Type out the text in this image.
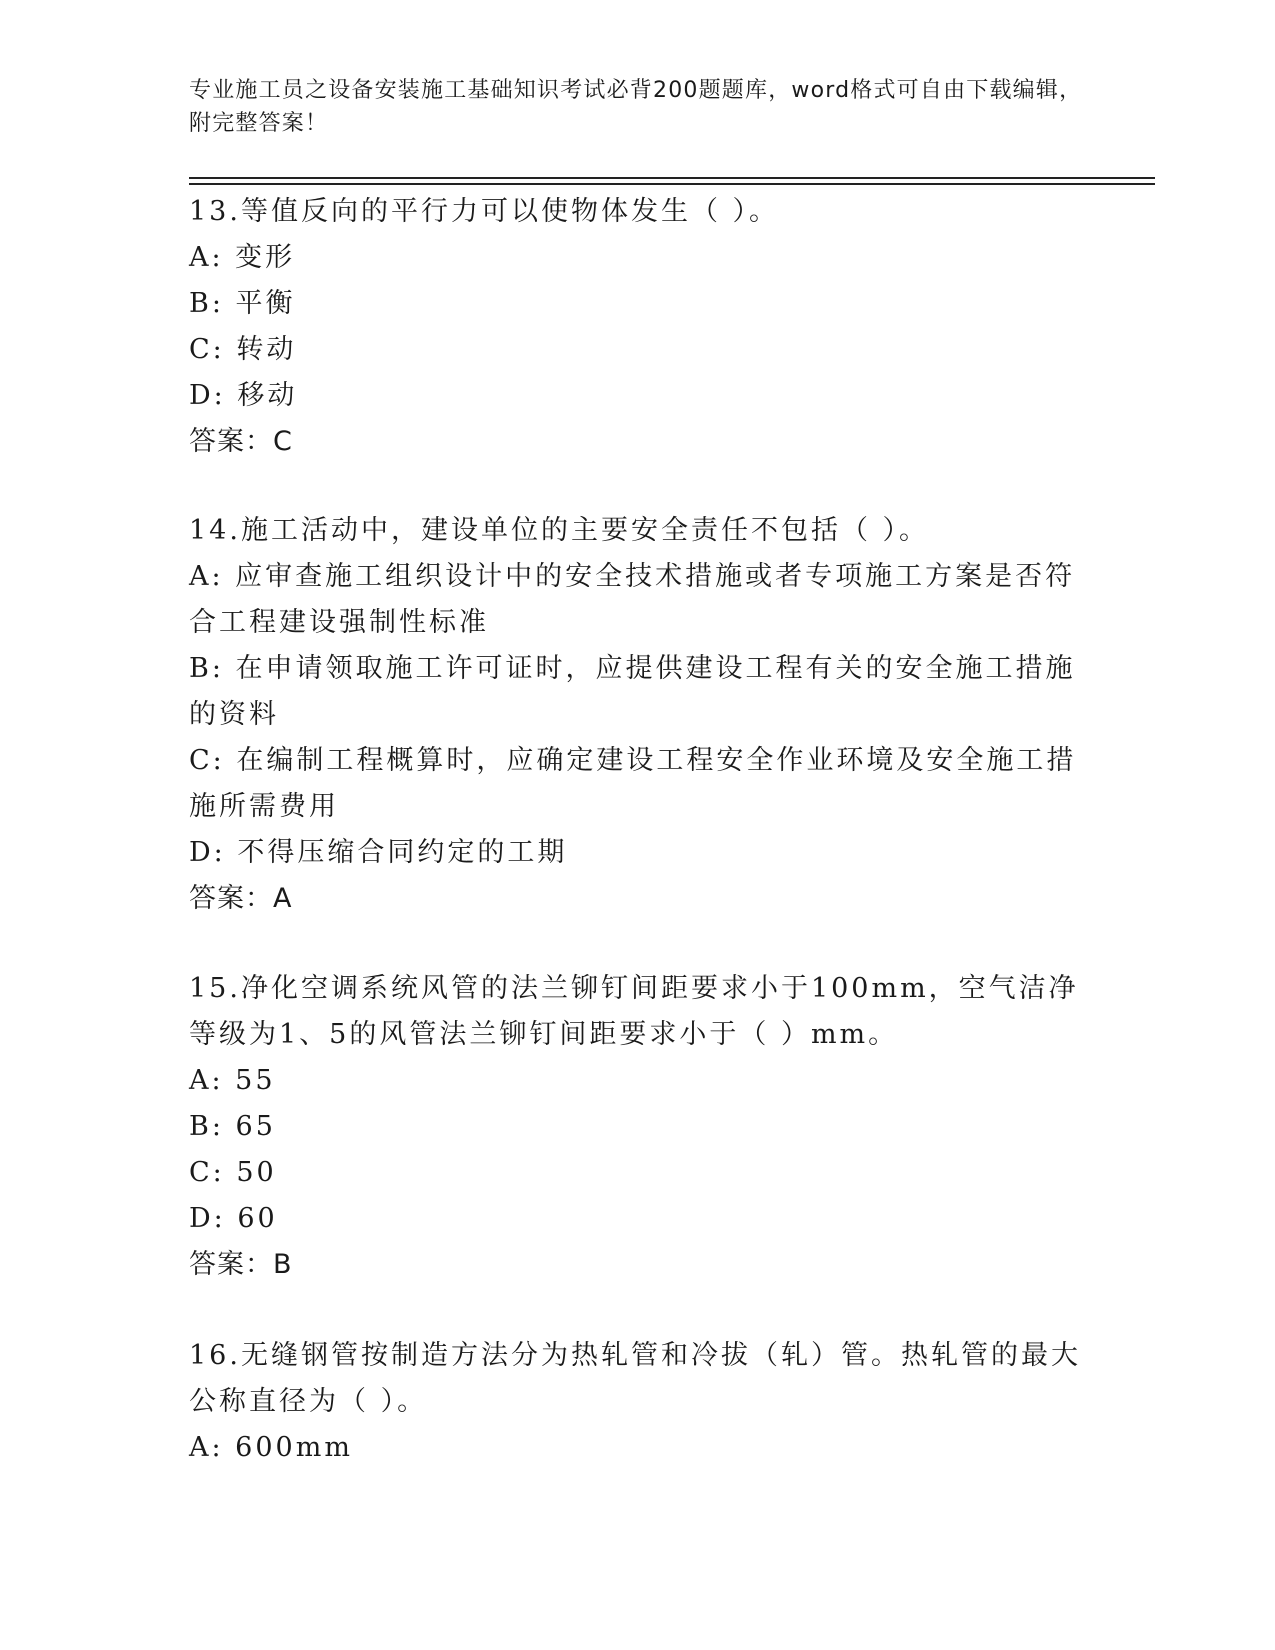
专业施工员之设备安装施工基础知识考试必背200题题库，word格式可自由下载编辑，附完整答案！
13.等值反向的平行力可以使物体发生（ ）。
A: 变形
B: 平衡
C: 转动
D: 移动
答案：C
14.施工活动中，建设单位的主要安全责任不包括（ ）。
A: 应审查施工组织设计中的安全技术措施或者专项施工方案是否符合工程建设强制性标准
B: 在申请领取施工许可证时，应提供建设工程有关的安全施工措施的资料
C: 在编制工程概算时，应确定建设工程安全作业环境及安全施工措施所需费用
D: 不得压缩合同约定的工期
答案：A
15.净化空调系统风管的法兰铆钉间距要求小于100mm，空气洁净等级为1、5的风管法兰铆钉间距要求小于（ ）mm。
A: 55
B: 65
C: 50
D: 60
答案：B
16.无缝钢管按制造方法分为热轧管和冷拔（轧）管。热轧管的最大公称直径为（ ）。
A: 600mm
